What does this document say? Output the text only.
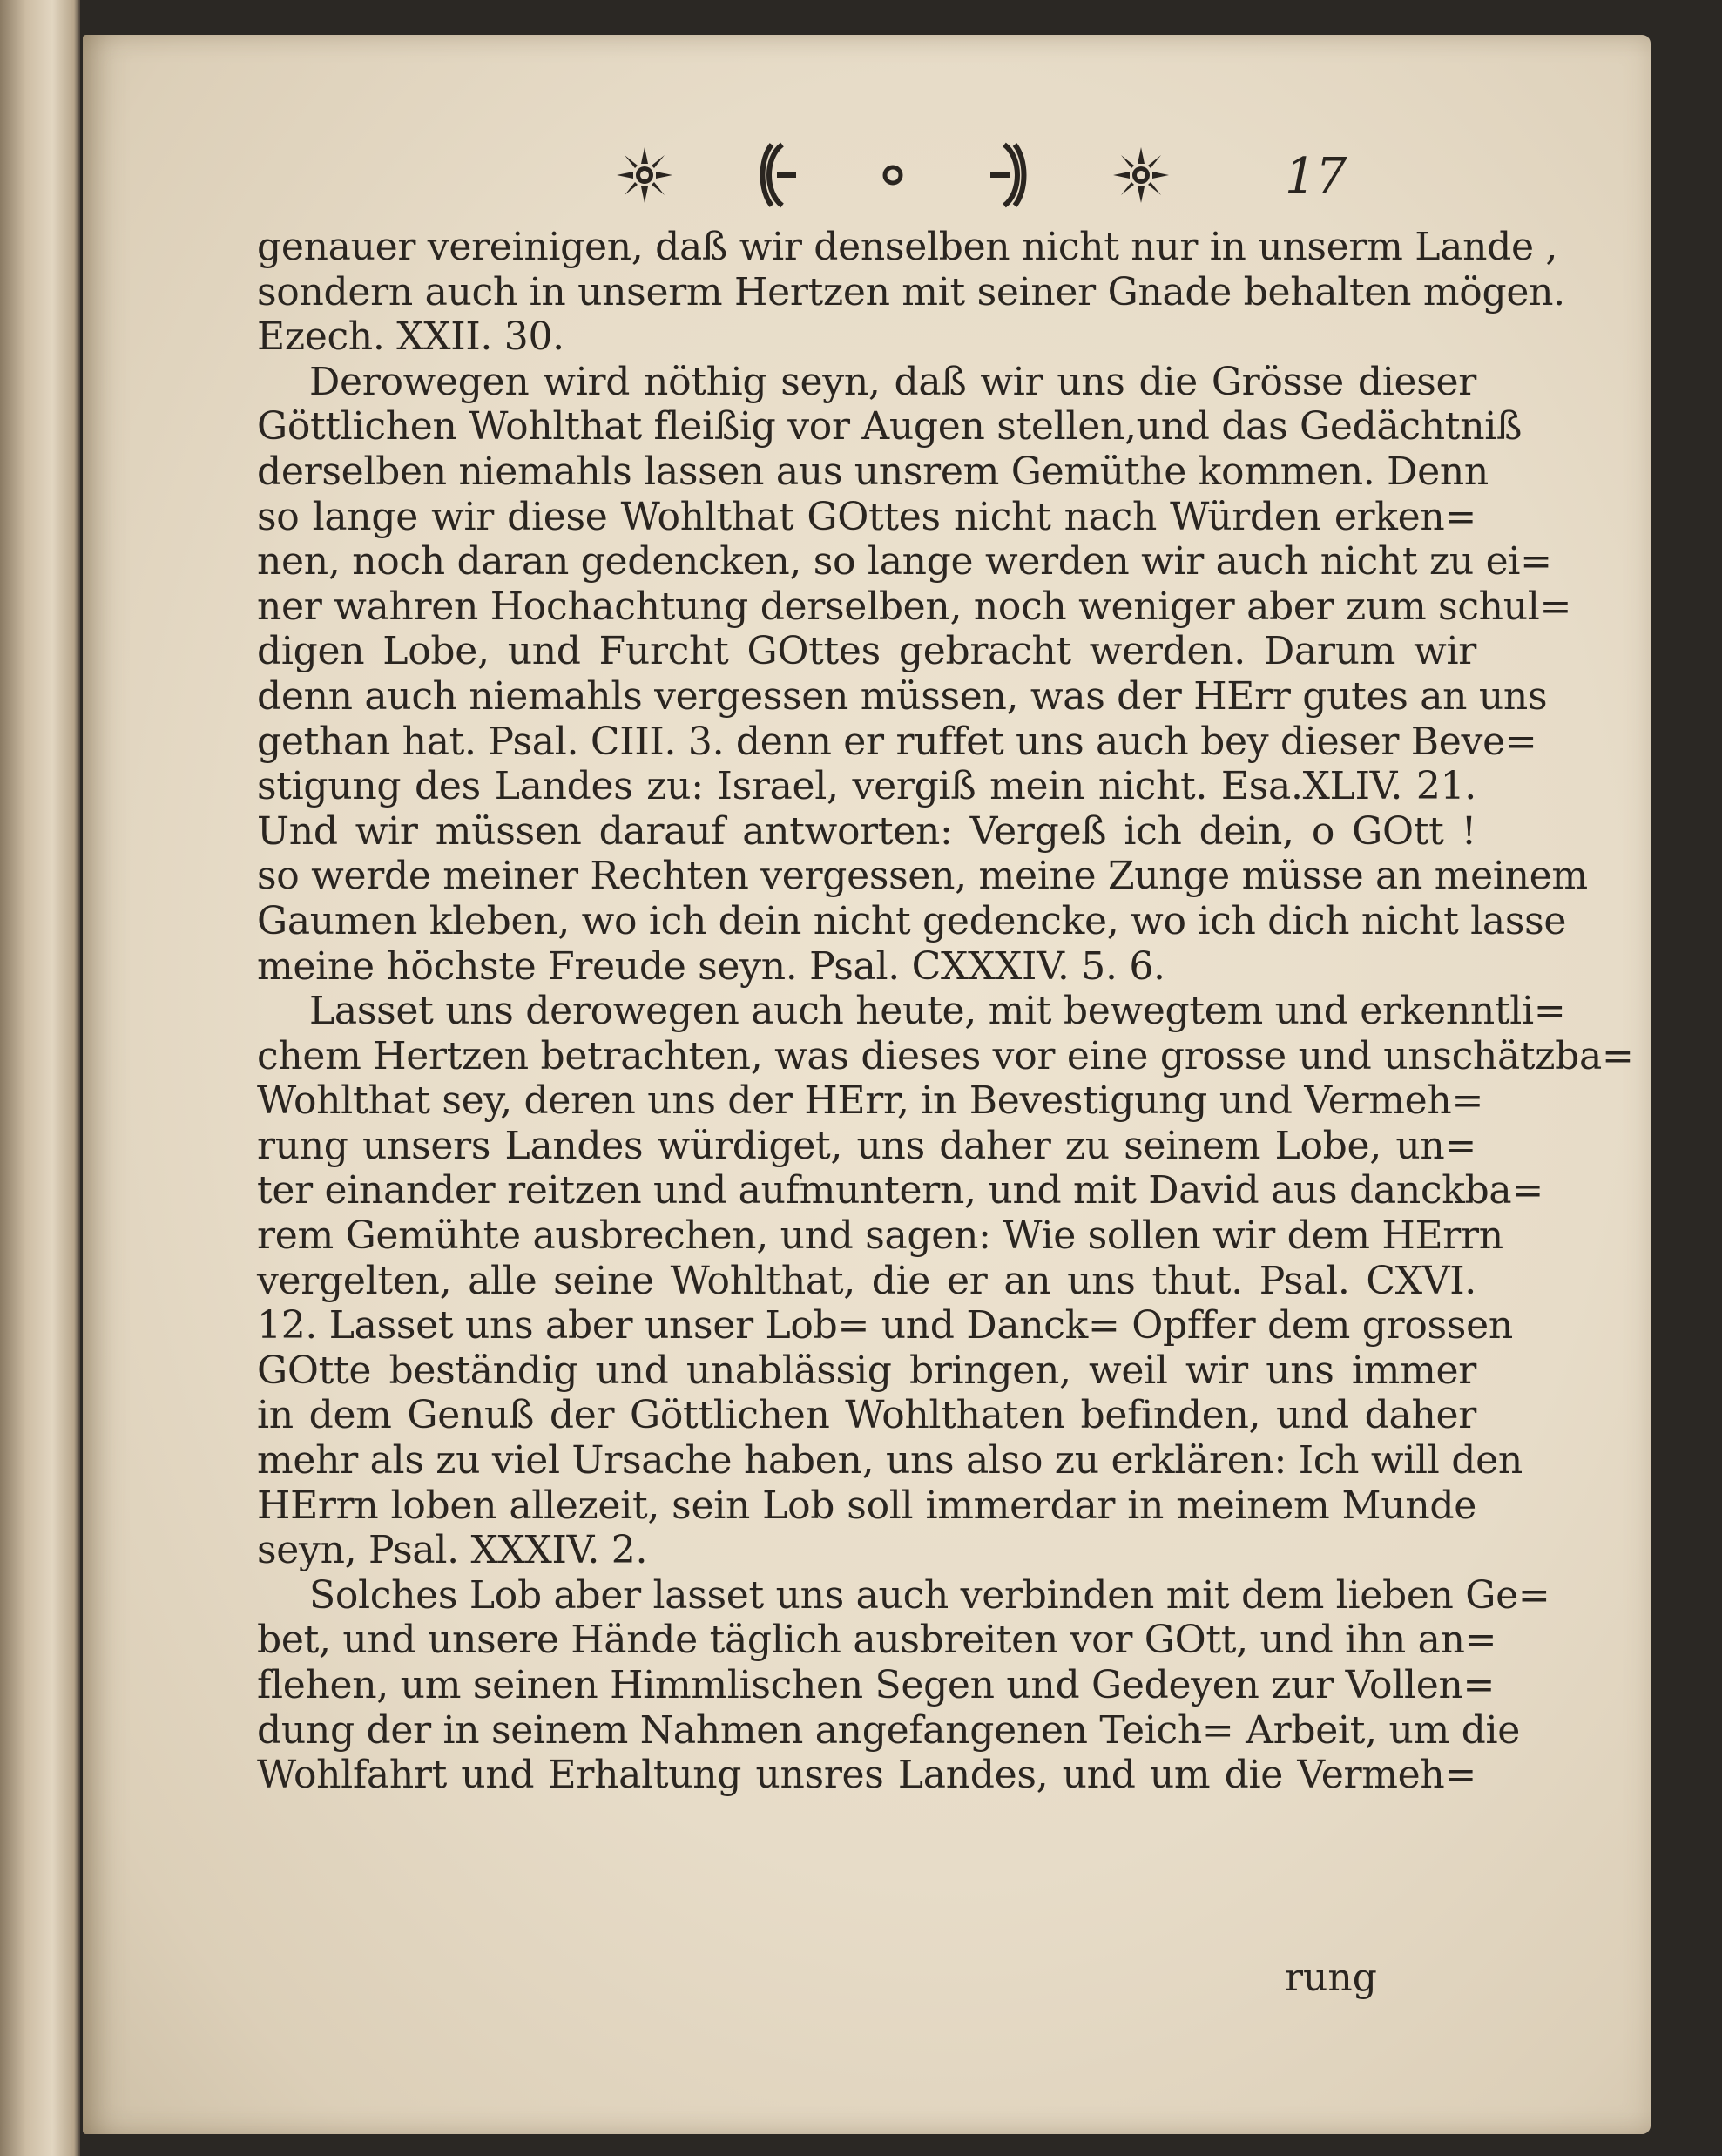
17
genauer vereinigen, daß wir denselben nicht nur in unserm Lande ,
sondern auch in unserm Hertzen mit seiner Gnade behalten mögen.
Ezech. XXII. 30.
Derowegen wird nöthig seyn, daß wir uns die Grösse dieser
Göttlichen Wohlthat fleißig vor Augen stellen,und das Gedächtniß
derselben niemahls lassen aus unsrem Gemüthe kommen. Denn
so lange wir diese Wohlthat GOttes nicht nach Würden erken=
nen, noch daran gedencken, so lange werden wir auch nicht zu ei=
ner wahren Hochachtung derselben, noch weniger aber zum schul=
digen Lobe, und Furcht GOttes gebracht werden. Darum wir
denn auch niemahls vergessen müssen, was der HErr gutes an uns
gethan hat. Psal. CIII. 3. denn er ruffet uns auch bey dieser Beve=
stigung des Landes zu: Israel, vergiß mein nicht. Esa.XLIV. 21.
Und wir müssen darauf antworten: Vergeß ich dein, o GOtt !
so werde meiner Rechten vergessen, meine Zunge müsse an meinem
Gaumen kleben, wo ich dein nicht gedencke, wo ich dich nicht lasse
meine höchste Freude seyn. Psal. CXXXIV. 5. 6.
Lasset uns derowegen auch heute, mit bewegtem und erkenntli=
chem Hertzen betrachten, was dieses vor eine grosse und unschätzba=
Wohlthat sey, deren uns der HErr, in Bevestigung und Vermeh=
rung unsers Landes würdiget, uns daher zu seinem Lobe, un=
ter einander reitzen und aufmuntern, und mit David aus danckba=
rem Gemühte ausbrechen, und sagen: Wie sollen wir dem HErrn
vergelten, alle seine Wohlthat, die er an uns thut. Psal. CXVI.
12. Lasset uns aber unser Lob= und Danck= Opffer dem grossen
GOtte beständig und unablässig bringen, weil wir uns immer
in dem Genuß der Göttlichen Wohlthaten befinden, und daher
mehr als zu viel Ursache haben, uns also zu erklären: Ich will den
HErrn loben allezeit, sein Lob soll immerdar in meinem Munde
seyn, Psal. XXXIV. 2.
Solches Lob aber lasset uns auch verbinden mit dem lieben Ge=
bet, und unsere Hände täglich ausbreiten vor GOtt, und ihn an=
flehen, um seinen Himmlischen Segen und Gedeyen zur Vollen=
dung der in seinem Nahmen angefangenen Teich= Arbeit, um die
Wohlfahrt und Erhaltung unsres Landes, und um die Vermeh=
rung
